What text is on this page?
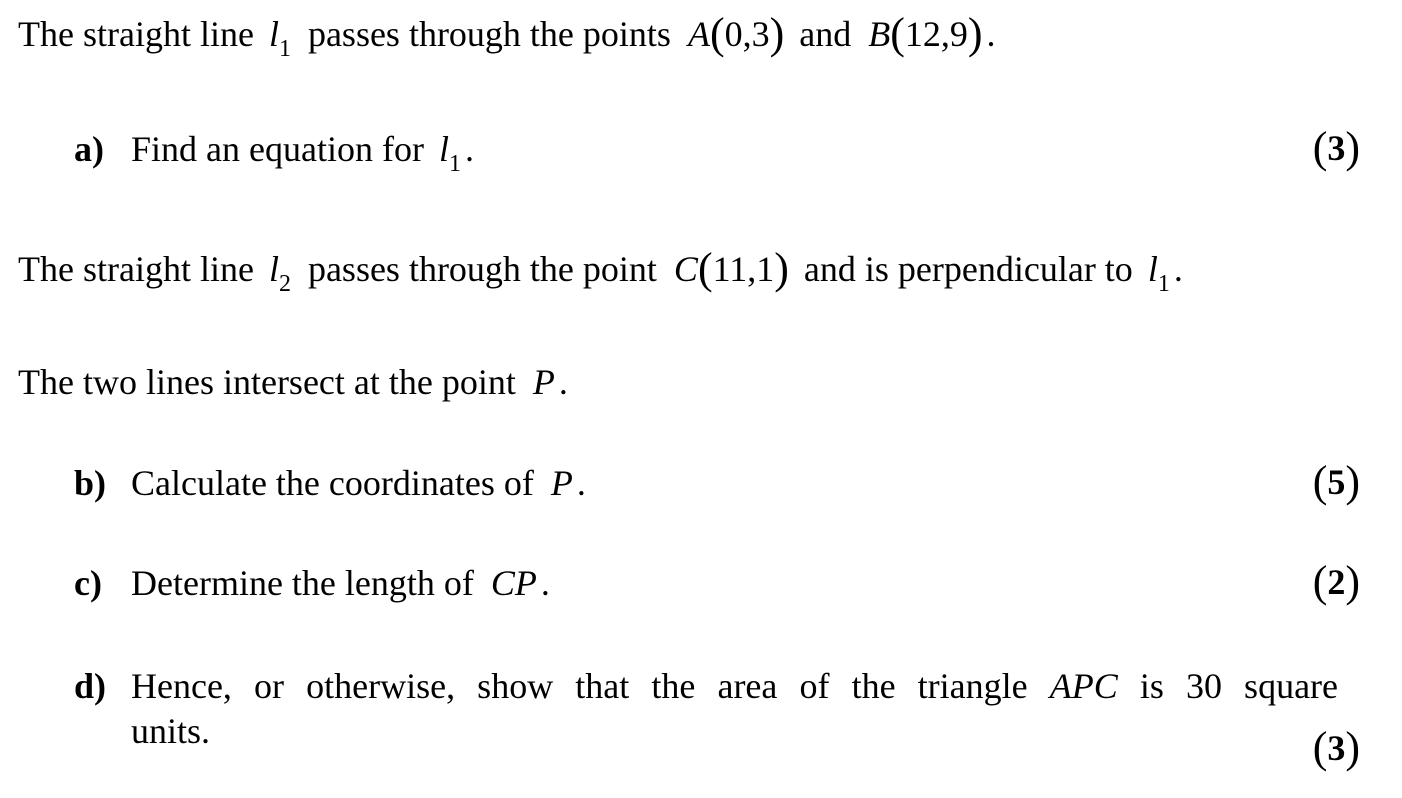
The straight line $l_1$ passes through the points A(0,3) and B(12,9) .
a) Find an equation for $l_1$ .	(3)
The straight line $l_2$ passes through the point C(11,1) and is perpendicular to $l_1$ .
The two lines intersect at the point P .
b) Calculate the coordinates of P .	(5)
c) Determine the length of CP .	(2)
d) Hence, or otherwise, show that the area of the triangle APC is 30 square
units.	(3)
